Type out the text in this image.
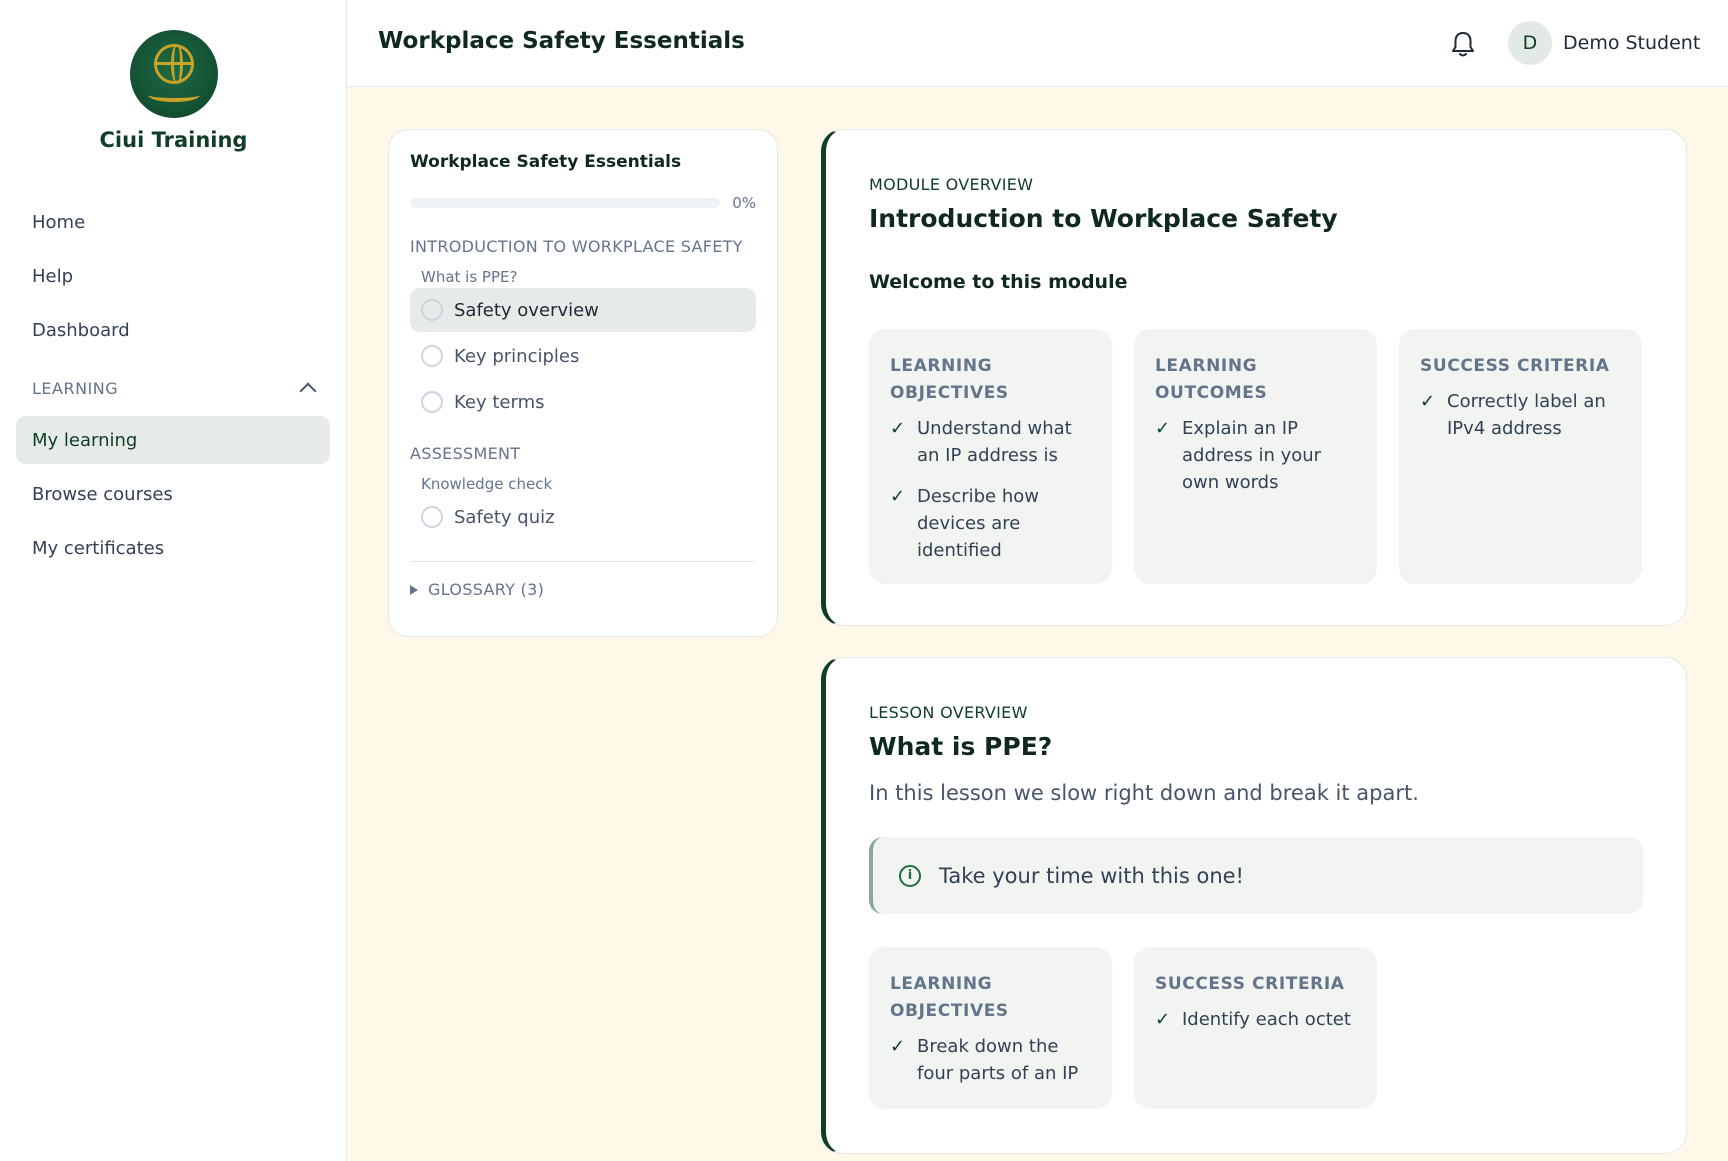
Ciui Training
Home
Help
Dashboard
LEARNING
My learning
Browse courses
My certificates
Workplace Safety Essentials	D	Demo Student
Workplace Safety Essentials
0%
INTRODUCTION TO WORKPLACE SAFETY
What is PPE?
Safety overview
Key principles
Key terms
ASSESSMENT
Knowledge check
Safety quiz
GLOSSARY (3)
MODULE OVERVIEW
Introduction to Workplace Safety
Welcome to this module
LEARNING OBJECTIVES
✓ Understand what an IP address is
✓ Describe how devices are identified
LEARNING OUTCOMES
✓ Explain an IP address in your own words
SUCCESS CRITERIA
✓ Correctly label an IPv4 address
LESSON OVERVIEW
What is PPE?
In this lesson we slow right down and break it apart.
i	Take your time with this one!
LEARNING OBJECTIVES
✓ Break down the four parts of an IP
SUCCESS CRITERIA
✓ Identify each octet
